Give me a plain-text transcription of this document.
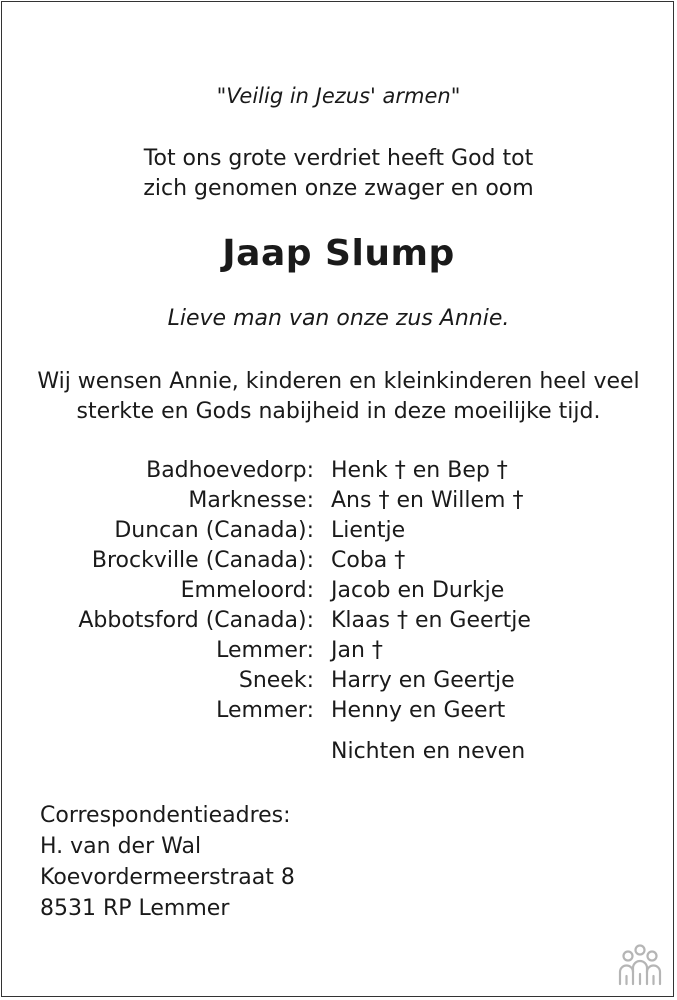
"Veilig in Jezus' armen"
Tot ons grote verdriet heeft God tot
zich genomen onze zwager en oom
Jaap Slump
Lieve man van onze zus Annie.
Wij wensen Annie, kinderen en kleinkinderen heel veel
sterkte en Gods nabijheid in deze moeilijke tijd.
Badhoevedorp: Henk † en Bep †
Marknesse: Ans † en Willem †
Duncan (Canada): Lientje
Brockville (Canada): Coba †
Emmeloord: Jacob en Durkje
Abbotsford (Canada): Klaas † en Geertje
Lemmer: Jan †
Sneek: Harry en Geertje
Lemmer: Henny en Geert
Nichten en neven
Correspondentieadres:
H. van der Wal
Koevordermeerstraat 8
8531 RP Lemmer
